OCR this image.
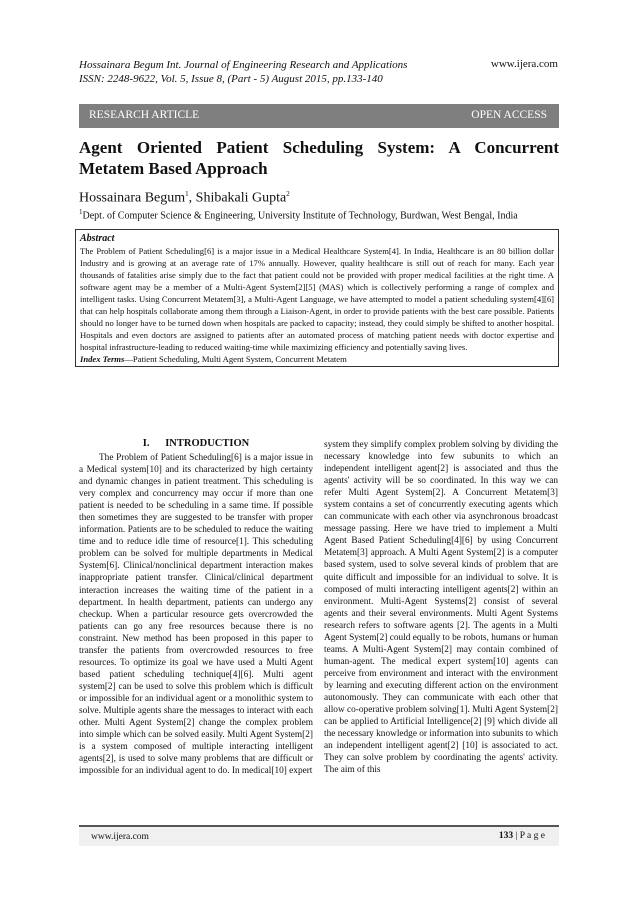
Hossainara Begum Int. Journal of Engineering Research and Applications
ISSN: 2248-9622, Vol. 5, Issue 8, (Part - 5) August 2015, pp.133-140
www.ijera.com
RESEARCH ARTICLE	OPEN ACCESS
Agent Oriented Patient Scheduling System: A Concurrent
Metatem Based Approach
Hossainara Begum$^1$, Shibakali Gupta$^2$
$^1$Dept. of Computer Science & Engineering, University Institute of Technology, Burdwan, West Bengal, India
Abstract
The Problem of Patient Scheduling[6] is a major issue in a Medical Healthcare System[4]. In India, Healthcare is an 80 billion dollar Industry and is growing at an average rate of 17% annually. However, quality healthcare is still out of reach for many. Each year thousands of fatalities arise simply due to the fact that patient could not be provided with proper medical facilities at the right time. A software agent may be a member of a Multi-Agent System[2][5] (MAS) which is collectively performing a range of complex and intelligent tasks. Using Concurrent Metatem[3], a Multi-Agent Language, we have attempted to model a patient scheduling system[4][6] that can help hospitals collaborate among them through a Liaison-Agent, in order to provide patients with the best care possible. Patients should no longer have to be turned down when hospitals are packed to capacity; instead, they could simply be shifted to another hospital. Hospitals and even doctors are assigned to patients after an automated process of matching patient needs with doctor expertise and hospital infrastructure-leading to reduced waiting-time while maximizing efficiency and potentially saving lives.
Index Terms—Patient Scheduling, Multi Agent System, Concurrent Metatem
I.      INTRODUCTION

The Problem of Patient Scheduling[6] is a major issue in a Medical system[10] and its characterized by high certainty and dynamic changes in patient treatment. This scheduling is very complex and concurrency may occur if more than one patient is needed to be scheduling in a same time. If possible then sometimes they are suggested to be transfer with proper information. Patients are to be scheduled to reduce the waiting time and to reduce idle time of resource[1]. This scheduling problem can be solved for multiple departments in Medical System[6]. Clinical/nonclinical department interaction makes inappropriate patient transfer. Clinical/clinical department interaction increases the waiting time of the patient in a department. In health department, patients can undergo any checkup. When a particular resource gets overcrowded the patients can go any free resources because there is no constraint. New method has been proposed in this paper to transfer the patients from overcrowded resources to free resources. To optimize its goal we have used a Multi Agent based patient scheduling technique[4][6]. Multi agent system[2] can be used to solve this problem which is difficult or impossible for an individual agent or a monolithic system to solve. Multiple agents share the messages to interact with each other. Multi Agent System[2] change the complex problem into simple which can be solved easily. Multi Agent System[2] is a system composed of multiple interacting intelligent agents[2], is used to solve many problems that are difficult or impossible for an individual agent to do. In medical[10] expert

system they simplify complex problem solving by dividing the necessary knowledge into few subunits to which an independent intelligent agent[2] is associated and thus the agents' activity will be so coordinated. In this way we can refer Multi Agent System[2]. A Concurrent Metatem[3] system contains a set of concurrently executing agents which can communicate with each other via asynchronous broadcast message passing. Here we have tried to implement a Multi Agent Based Patient Scheduling[4][6] by using Concurrent Metatem[3] approach. A Multi Agent System[2] is a computer based system, used to solve several kinds of problem that are quite difficult and impossible for an individual to solve. It is composed of multi interacting intelligent agents[2] within an environment. Multi-Agent Systems[2] consist of several agents and their several environments. Multi Agent Systems research refers to software agents [2]. The agents in a Multi Agent System[2] could equally to be robots, humans or human teams. A Multi-Agent System[2] may contain combined of human-agent. The medical expert system[10] agents can perceive from environment and interact with the environment by learning and executing different action on the environment autonomously. They can communicate with each other that allow co-operative problem solving[1]. Multi Agent System[2] can be applied to Artificial Intelligence[2] [9] which divide all the necessary knowledge or information into subunits to which an independent intelligent agent[2] [10] is associated to act. They can solve problem by coordinating the agents' activity. The aim of this

www.ijera.com	133 | P a g e
